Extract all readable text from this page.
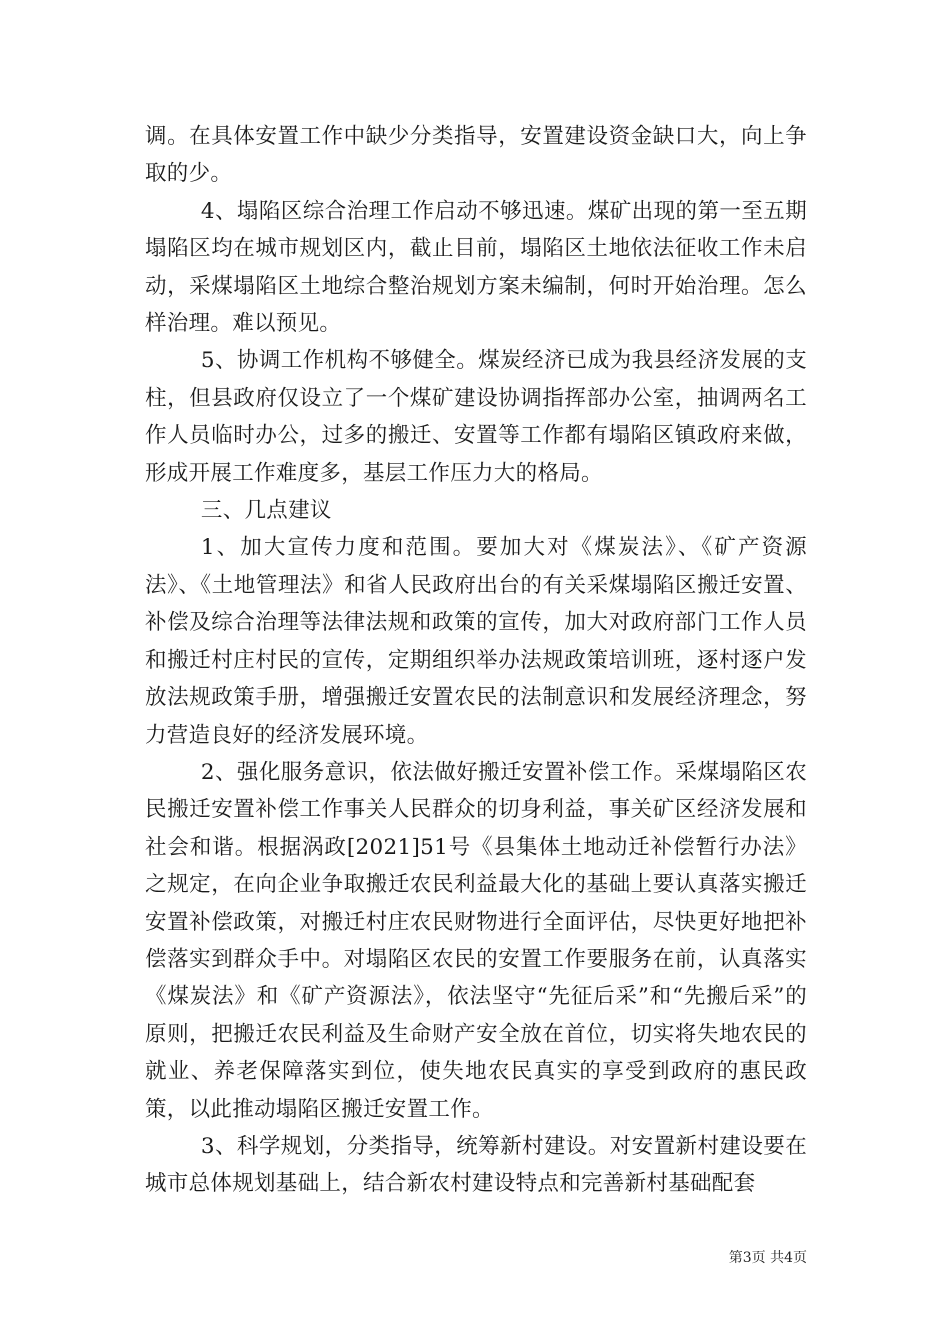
调。在具体安置工作中缺少分类指导，安置建设资金缺口大，向上争取的少。

4、塌陷区综合治理工作启动不够迅速。煤矿出现的第一至五期塌陷区均在城市规划区内，截止目前，塌陷区土地依法征收工作未启动，采煤塌陷区土地综合整治规划方案未编制，何时开始治理。怎么样治理。难以预见。

5、协调工作机构不够健全。煤炭经济已成为我县经济发展的支柱，但县政府仅设立了一个煤矿建设协调指挥部办公室，抽调两名工作人员临时办公，过多的搬迁、安置等工作都有塌陷区镇政府来做，形成开展工作难度多，基层工作压力大的格局。

三、几点建议

1、加大宣传力度和范围。要加大对《煤炭法》、《矿产资源法》、《土地管理法》和省人民政府出台的有关采煤塌陷区搬迁安置、补偿及综合治理等法律法规和政策的宣传，加大对政府部门工作人员和搬迁村庄村民的宣传，定期组织举办法规政策培训班，逐村逐户发放法规政策手册，增强搬迁安置农民的法制意识和发展经济理念，努力营造良好的经济发展环境。

2、强化服务意识，依法做好搬迁安置补偿工作。采煤塌陷区农民搬迁安置补偿工作事关人民群众的切身利益，事关矿区经济发展和社会和谐。根据涡政[2021]51号《县集体土地动迁补偿暂行办法》之规定，在向企业争取搬迁农民利益最大化的基础上要认真落实搬迁安置补偿政策，对搬迁村庄农民财物进行全面评估，尽快更好地把补偿落实到群众手中。对塌陷区农民的安置工作要服务在前，认真落实《煤炭法》和《矿产资源法》，依法坚守“先征后采”和“先搬后采”的原则，把搬迁农民利益及生命财产安全放在首位，切实将失地农民的就业、养老保障落实到位，使失地农民真实的享受到政府的惠民政策，以此推动塌陷区搬迁安置工作。

3、科学规划，分类指导，统筹新村建设。对安置新村建设要在城市总体规划基础上，结合新农村建设特点和完善新村基础配套

第3页 共4页
